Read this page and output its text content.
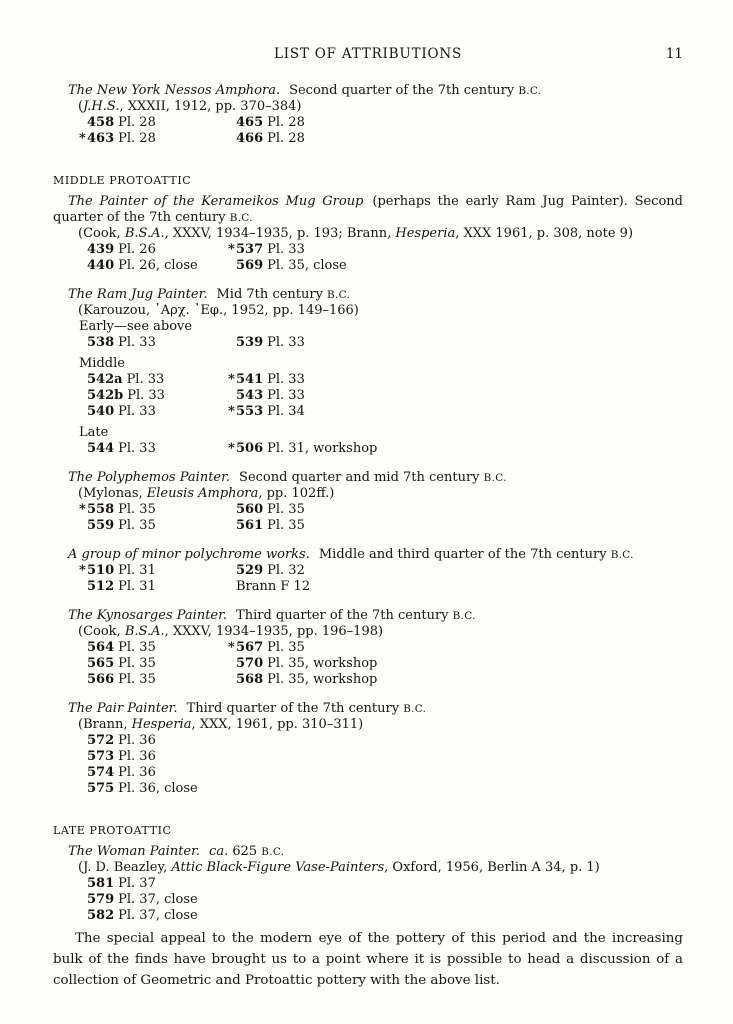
LIST OF ATTRIBUTIONS	11

The New York Nessos Amphora. Second quarter of the 7th century B.C.

(J.H.S., XXXII, 1912, pp. 370–384)

458 Pl. 28	465 Pl. 28
* 463 Pl. 28	466 Pl. 28

MIDDLE PROTOATTIC

The Painter of the Kerameikos Mug Group (perhaps the early Ram Jug Painter). Second quarter of the 7th century B.C.

(Cook, B.S.A., XXXV, 1934–1935, p. 193; Brann, Hesperia, XXX 1961, p. 308, note 9)

439 Pl. 26	* 537 Pl. 33
440 Pl. 26, close	569 Pl. 35, close

The Ram Jug Painter. Mid 7th century B.C.

(Karouzou, ᾿Αρχ. ᾿Εφ., 1952, pp. 149–166)

Early—see above

538 Pl. 33	539 Pl. 33

Middle

542a Pl. 33	* 541 Pl. 33
542b Pl. 33	543 Pl. 33
540 Pl. 33	* 553 Pl. 34

Late

544 Pl. 33	* 506 Pl. 31, workshop

The Polyphemos Painter. Second quarter and mid 7th century B.C.

(Mylonas, Eleusis Amphora, pp. 102ff.)

* 558 Pl. 35	560 Pl. 35
559 Pl. 35	561 Pl. 35

A group of minor polychrome works. Middle and third quarter of the 7th century B.C.

* 510 Pl. 31	529 Pl. 32
512 Pl. 31	Brann F 12

The Kynosarges Painter. Third quarter of the 7th century B.C.

(Cook, B.S.A., XXXV, 1934–1935, pp. 196–198)

564 Pl. 35	* 567 Pl. 35
565 Pl. 35	570 Pl. 35, workshop
566 Pl. 35	568 Pl. 35, workshop

The Pair Painter. Third quarter of the 7th century B.C.

(Brann, Hesperia, XXX, 1961, pp. 310–311)

572 Pl. 36
573 Pl. 36
574 Pl. 36
575 Pl. 36, close

LATE PROTOATTIC

The Woman Painter. ca. 625 B.C.

(J. D. Beazley, Attic Black-Figure Vase-Painters, Oxford, 1956, Berlin A 34, p. 1)

581 Pl. 37
579 Pl. 37, close
582 Pl. 37, close

The special appeal to the modern eye of the pottery of this period and the increasing bulk of the finds have brought us to a point where it is possible to head a discussion of a collection of Geometric and Protoattic pottery with the above list.
